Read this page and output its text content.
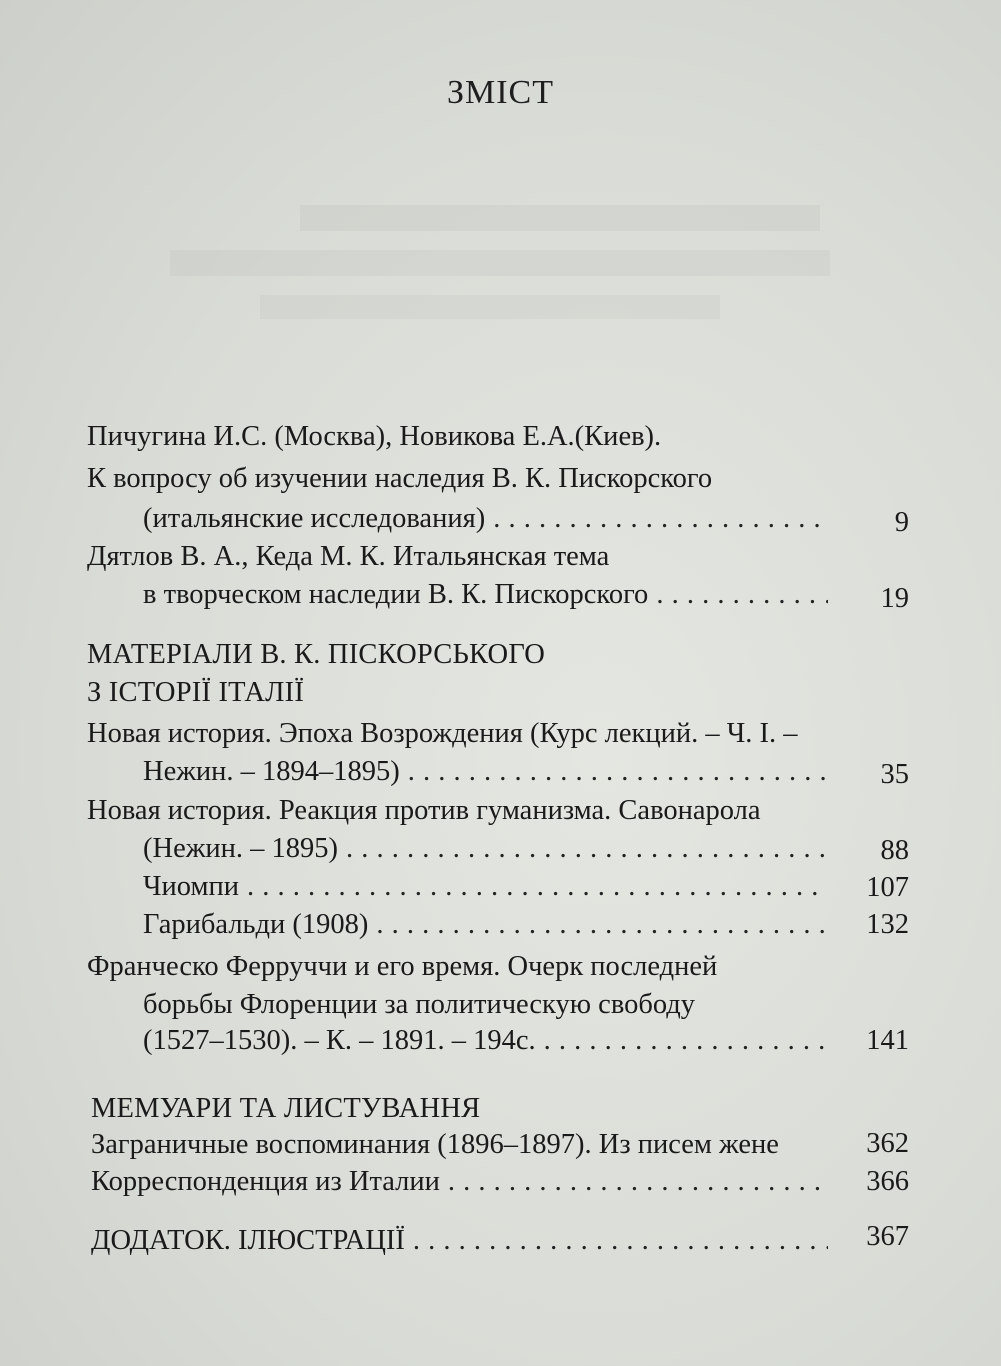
ЗМІСТ
Пичугина И.С. (Москва), Новикова Е.А.(Киев).
К вопросу об изучении наследия В. К. Пискорского
(итальянские исследования) . . .	9
Дятлов В. А., Кеда М. К. Итальянская тема
в творческом наследии В. К. Пискорского . . .	19
МАТЕРІАЛИ В. К. ПІСКОРСЬКОГО
З ІСТОРІЇ ІТАЛІЇ
Новая история. Эпоха Возрождения (Курс лекций. – Ч. І. –
Нежин. – 1894–1895) . . .	35
Новая история. Реакция против гуманизма. Савонарола
(Нежин. – 1895) . . .	88
Чиомпи . . .	107
Гарибальди (1908) . . .	132
Франческо Ферруччи и его время. Очерк последней
борьбы Флоренции за политическую свободу
(1527–1530). – К. – 1891. – 194с. . . .	141
МЕМУАРИ ТА ЛИСТУВАННЯ
Заграничные воспоминания (1896–1897). Из писем жене	362
Корреспонденция из Италии . . .	366
ДОДАТОК. ІЛЮСТРАЦІЇ . . .	367
